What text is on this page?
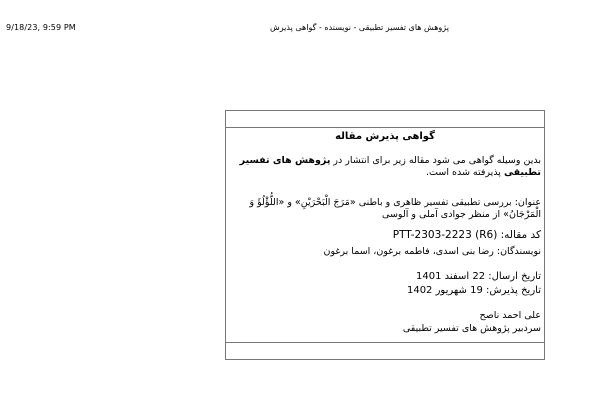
9/18/23, 9:59 PM	پژوهش های تفسیر تطبیقی - نویسنده - گواهی پذیرش
گواهی پذیرش مقاله
بدین وسیله گواهی می شود مقاله زیر برای انتشار در پژوهش های تفسیر تطبیقی پذیرفته شده است.
عنوان: بررسی تطبیقی تفسیر ظاهری و باطنی «مَرَجَ الْبَحْرَيْنِ» و «اللُّؤْلُؤَ وَ الْمَرْجَانُ» از منظر جوادی آملی و آلوسی
کد مقاله: PTT-2303-2223 (R6)
نویسندگان: رضا بنی اسدی، فاطمه برغون، اسما برغون
تاریخ ارسال: 22 اسفند 1401
تاریخ پذیرش: 19 شهریور 1402
علی احمد ناصح
سردبیر پژوهش های تفسیر تطبیقی
